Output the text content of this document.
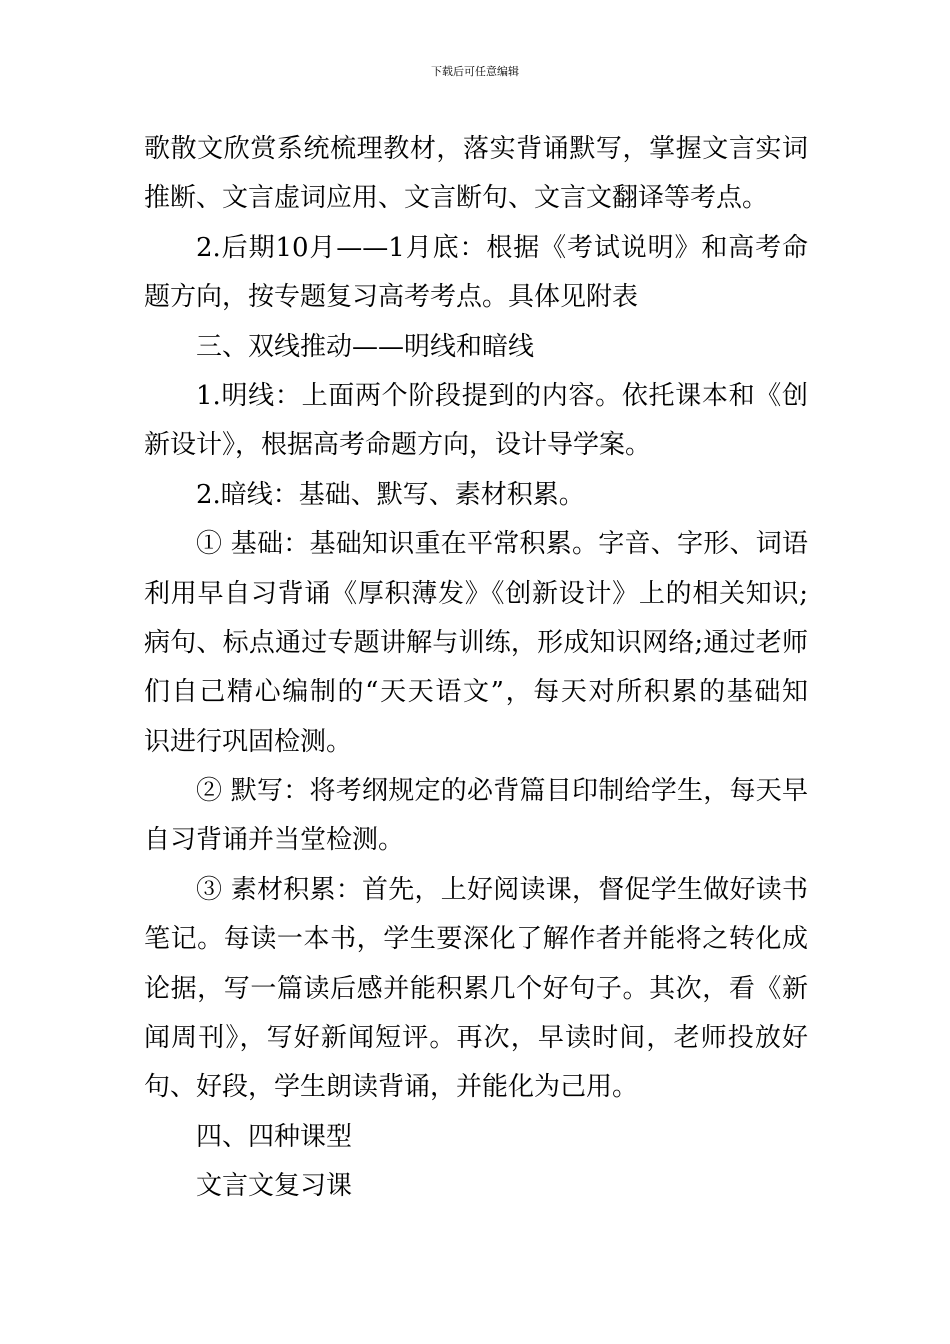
下载后可任意编辑
歌散文欣赏系统梳理教材，落实背诵默写，掌握文言实词
推断、文言虚词应用、文言断句、文言文翻译等考点。
2.后期10月——1月底：根据《考试说明》和高考命
题方向，按专题复习高考考点。具体见附表
三、双线推动——明线和暗线
1.明线：上面两个阶段提到的内容。依托课本和《创
新设计》，根据高考命题方向，设计导学案。
2.暗线：基础、默写、素材积累。
① 基础：基础知识重在平常积累。字音、字形、词语
利用早自习背诵《厚积薄发》《创新设计》上的相关知识;
病句、标点通过专题讲解与训练，形成知识网络;通过老师
们自己精心编制的“天天语文”，每天对所积累的基础知
识进行巩固检测。
② 默写：将考纲规定的必背篇目印制给学生，每天早
自习背诵并当堂检测。
③ 素材积累：首先，上好阅读课，督促学生做好读书
笔记。每读一本书，学生要深化了解作者并能将之转化成
论据，写一篇读后感并能积累几个好句子。其次，看《新
闻周刊》，写好新闻短评。再次，早读时间，老师投放好
句、好段，学生朗读背诵，并能化为己用。
四、四种课型
文言文复习课
